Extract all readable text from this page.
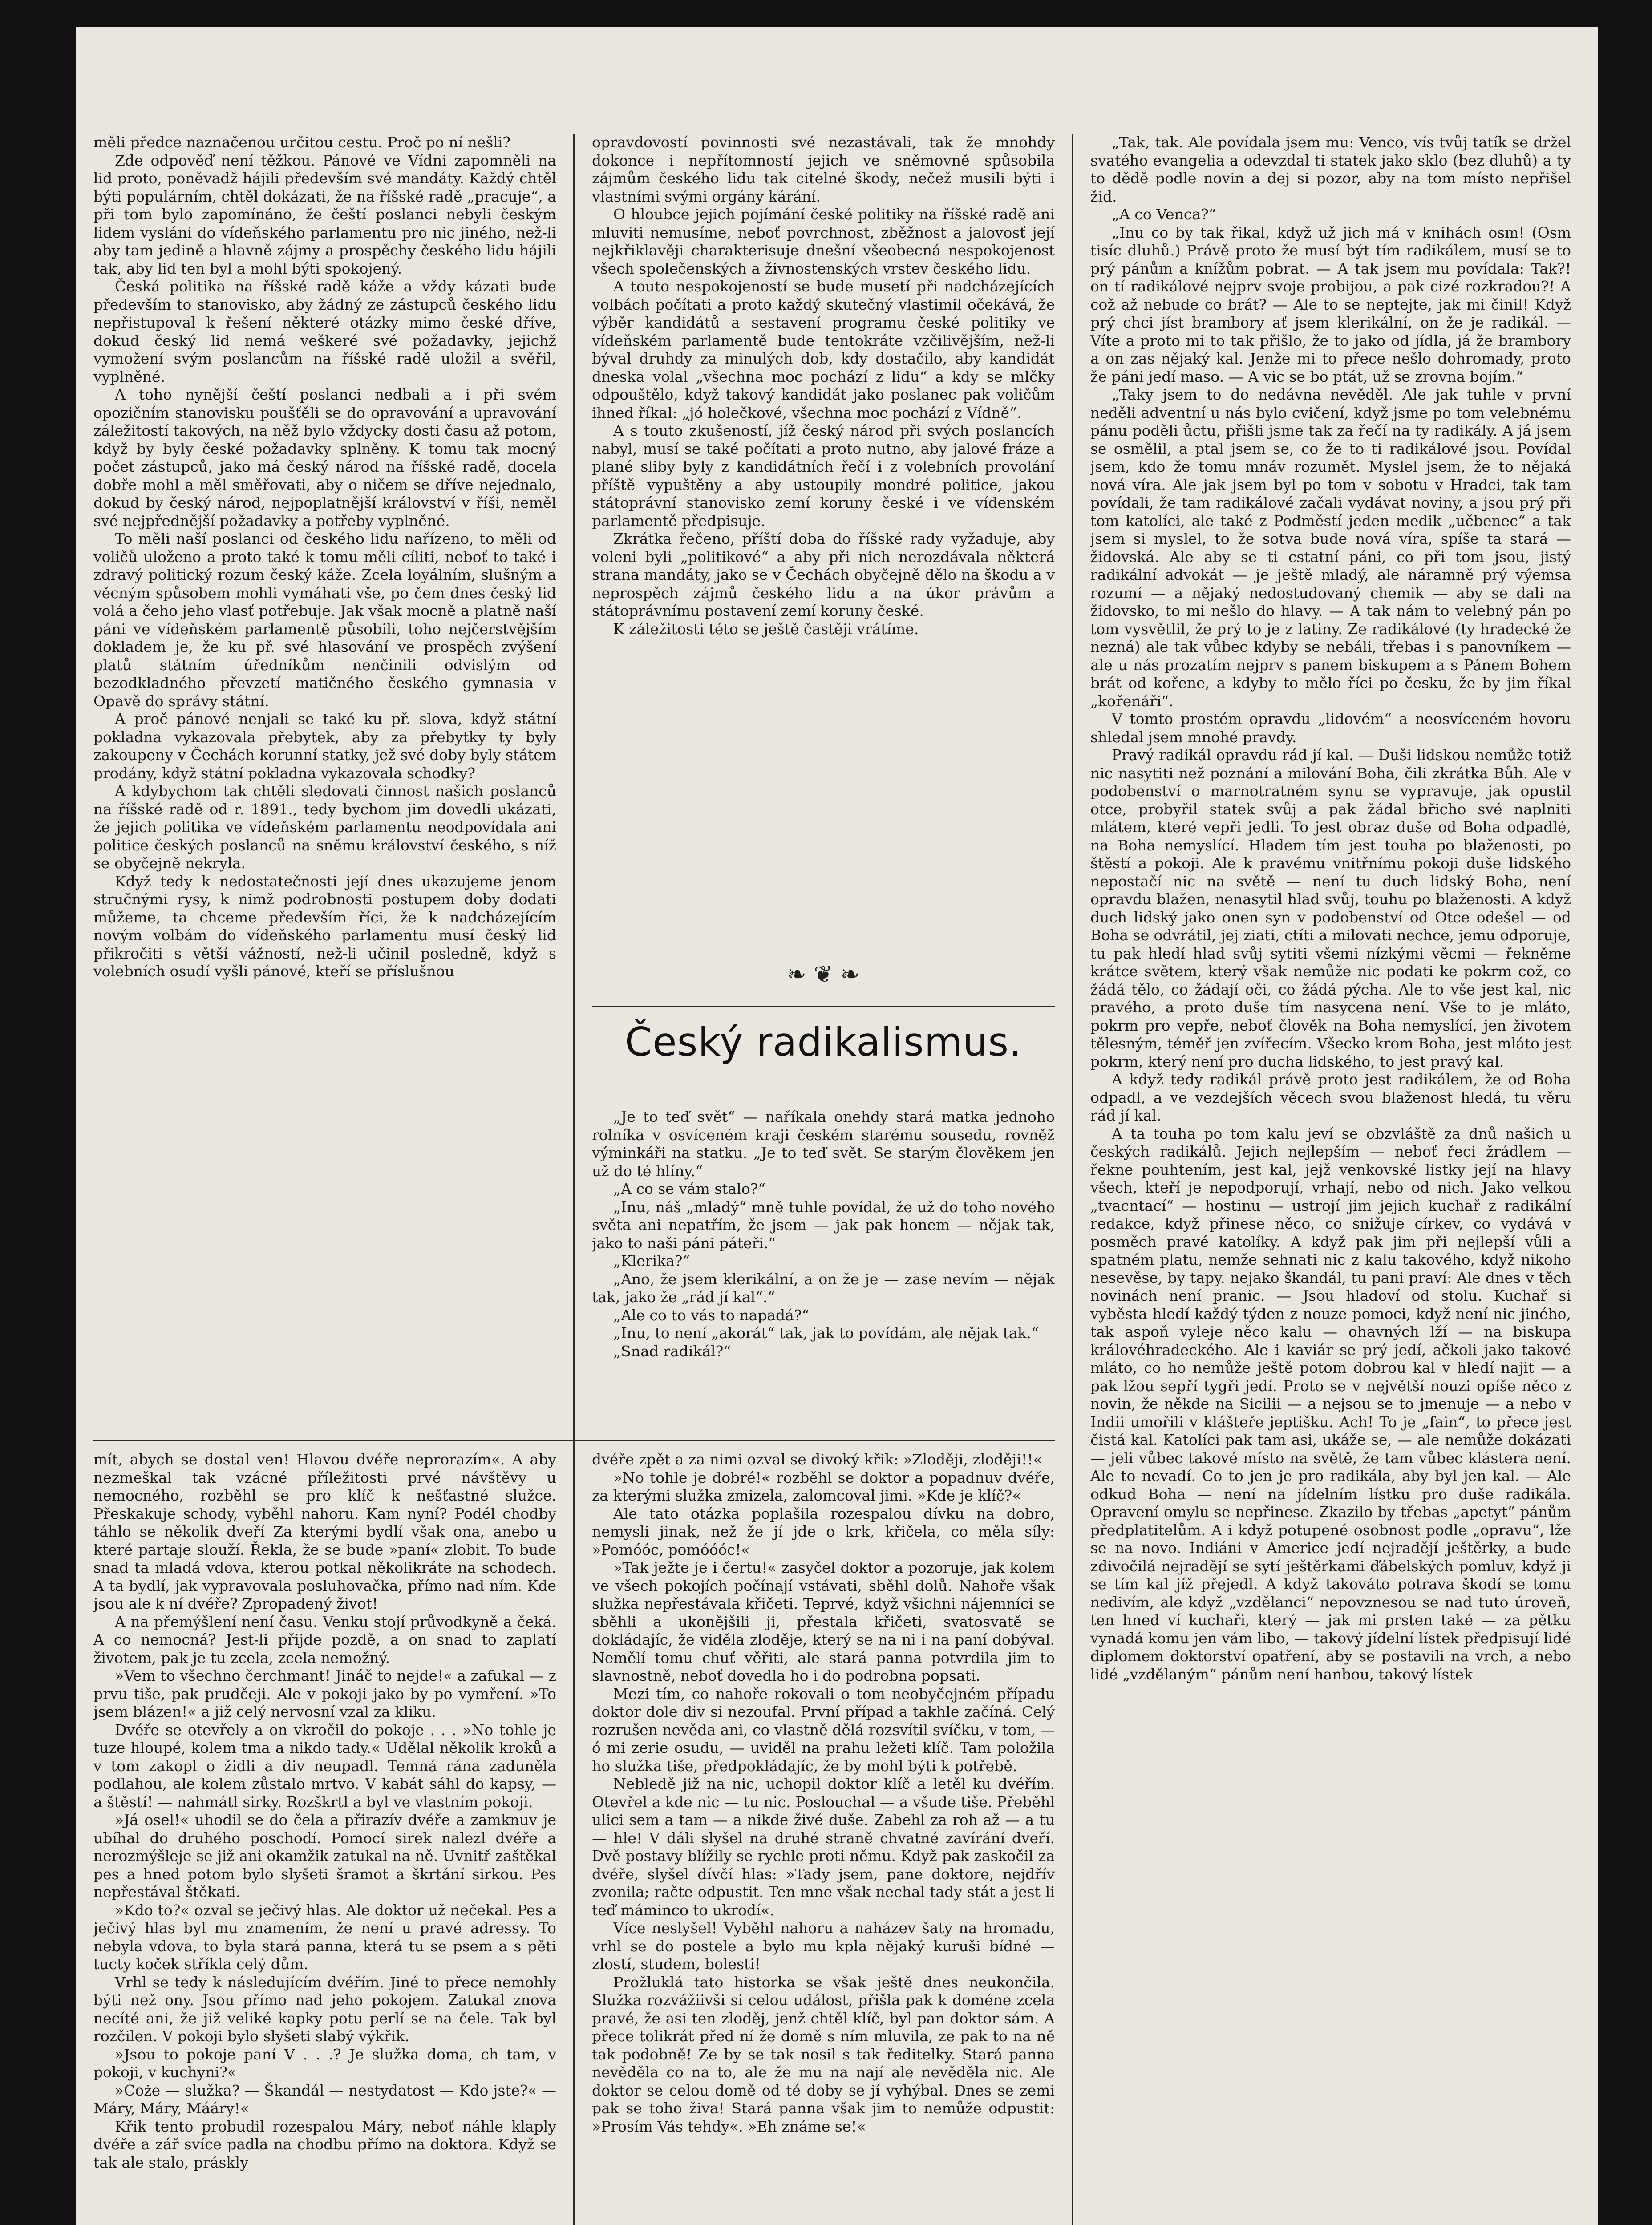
měli předce naznačenou určitou cestu. Proč po ní nešli?

Zde odpověď není těžkou. Pánové ve Vídni zapomněli na lid proto, poněvadž hájili především své mandáty. Každý chtěl býti populárním, chtěl dokázati, že na říšské radě „pracuje“, a při tom bylo zapomínáno, že čeští poslanci nebyli českým lidem vysláni do vídeňského parlamentu pro nic jiného, než-li aby tam jedině a hlavně zájmy a prospěchy českého lidu hájili tak, aby lid ten byl a mohl býti spokojený.

Česká politika na říšské radě káže a vždy kázati bude především to stanovisko, aby žádný ze zástupců českého lidu nepřistupoval k řešení některé otázky mimo české dříve, dokud český lid nemá veškeré své požadavky, jejichž vymožení svým poslancům na říšské radě uložil a svěřil, vyplněné.

A toho nynější čeští poslanci nedbali a i při svém opozičním stanovisku poušťěli se do opravování a upravování záležitostí takových, na něž bylo vždycky dosti času až potom, když by byly české požadavky splněny. K tomu tak mocný počet zástupců, jako má český národ na říšské radě, docela dobře mohl a měl směřovati, aby o ničem se dříve nejednalo, dokud by český národ, nejpoplatnější království v říši, neměl své nejpřednější požadavky a potřeby vyplněné.

To měli naší poslanci od českého lidu nařízeno, to měli od voličů uloženo a proto také k tomu měli cíliti, neboť to také i zdravý politický rozum český káže. Zcela loyálním, slušným a věcným spůsobem mohli vymáhati vše, po čem dnes český lid volá a čeho jeho vlasť potřebuje. Jak však mocně a platně naší páni ve vídeňském parlamentě působili, toho nejčerstvějším dokladem je, že ku př. své hlasování ve prospěch zvýšení platů státním úředníkům nenčinili odvislým od bezodkladného převzetí matičného českého gymnasia v Opavě do správy státní.

A proč pánové nenjali se také ku př. slova, když státní pokladna vykazovala přebytek, aby za přebytky ty byly zakoupeny v Čechách korunní statky, jež své doby byly státem prodány, když státní pokladna vykazovala schodky?

A kdybychom tak chtěli sledovati činnost našich poslanců na říšské radě od r. 1891., tedy bychom jim dovedli ukázati, že jejich politika ve vídeňském parlamentu neodpovídala ani politice českých poslanců na sněmu království českého, s níž se obyčejně nekryla.

Když tedy k nedostatečnosti její dnes ukazujeme jenom stručnými rysy, k nimž podrobnosti postupem doby dodati můžeme, ta chceme především říci, že k nadcházejícím novým volbám do vídeňského parlamentu musí český lid přikročiti s větší vážností, než-li učinil posledně, když s volebních osudí vyšli pánové, kteří se příslušnou

opravdovostí povinnosti své nezastávali, tak že mnohdy dokonce i nepřítomností jejich ve sněmovně spůsobila zájmům českého lidu tak citelné škody, nečež musili býti i vlastními svými orgány kárání.

O hloubce jejich pojímání české politiky na říšské radě ani mluviti nemusíme, neboť povrchnost, zběžnost a jalovosť její nejkřiklavěji charakterisuje dnešní všeobecná nespokojenost všech společenských a živnostenských vrstev českého lidu.

A touto nespokojeností se bude musetí při nadcházejících volbách počítati a proto každý skutečný vlastimil očekává, že výběr kandidátů a sestavení programu české politiky ve vídeňském parlamentě bude tentokráte vzčilivějším, než-li býval druhdy za minulých dob, kdy dostačilo, aby kandidát dneska volal „všechna moc pochází z lidu“ a kdy se mlčky odpouštělo, když takový kandidát jako poslanec pak voličům ihned říkal: „jó holečkové, všechna moc pochází z Vídně“.

A s touto zkušeností, jíž český národ při svých poslancích nabyl, musí se také počítati a proto nutno, aby jalové fráze a plané sliby byly z kandidátních řečí i z volebních provolání příště vypuštěny a aby ustoupily mondré politice, jakou státoprávní stanovisko zemí koruny české i ve vídenském parlamentě předpisuje.

Zkrátka řečeno, příští doba do říšské rady vyžaduje, aby voleni byli „politikové“ a aby při nich nerozdávala některá strana mandáty, jako se v Čechách obyčejně dělo na škodu a v neprospěch zájmů českého lidu a na úkor právům a státoprávnímu postavení zemí koruny české.

K záležitosti této se ještě častěji vrátíme.

❧ ❦ ❧
Český radikalismus.

„Je to teď svět“ — naříkala onehdy stará matka jednoho rolníka v osvíceném kraji českém starému sousedu, rovněž výminkáři na statku. „Je to teď svět. Se starým člověkem jen už do té hlíny.“

„A co se vám stalo?“

„Inu, náš „mladý“ mně tuhle povídal, že už do toho nového světa ani nepatřím, že jsem — jak pak honem — nějak tak, jako to naši páni páteři.“

„Klerika?“

„Ano, že jsem klerikální, a on že je — zase nevím — nějak tak, jako že „rád jí kal“.“

„Ale co to vás to napadá?“

„Inu, to není „akorát“ tak, jak to povídám, ale nějak tak.“

„Snad radikál?“

„Tak, tak. Ale povídala jsem mu: Venco, vís tvůj tatík se držel svatého evangelia a odevzdal ti statek jako sklo (bez dluhů) a ty to dědě podle novin a dej si pozor, aby na tom místo nepřišel žid.

„A co Venca?“

„Inu co by tak řikal, když už jich má v knihách osm! (Osm tisíc dluhů.) Právě proto že musí být tím radikálem, musí se to prý pánům a knížům pobrat. — A tak jsem mu povídala: Tak?! on tí radikálové nejprv svoje probijou, a pak cizé rozkradou?! A což až nebude co brát? — Ale to se neptejte, jak mi činil! Když prý chci jíst brambory ať jsem klerikální, on že je radikál. — Víte a proto mi to tak přišlo, že to jako od jídla, já že brambory a on zas nějaký kal. Jenže mi to přece nešlo dohromady, proto že páni jedí maso. — A vic se bo ptát, už se zrovna bojím.“

„Taky jsem to do nedávna nevěděl. Ale jak tuhle v první neděli adventní u nás bylo cvičení, když jsme po tom velebnému pánu poděli ůctu, přišli jsme tak za řečí na ty radikály. A já jsem se osmělil, a ptal jsem se, co že to ti radikálové jsou. Povídal jsem, kdo že tomu mnáv rozumět. Myslel jsem, že to nějaká nová víra. Ale jak jsem byl po tom v sobotu v Hradci, tak tam povídali, že tam radikálové začali vydávat noviny, a jsou prý při tom katolíci, ale také z Podměstí jeden medik „učbenec“ a tak jsem si myslel, to že sotva bude nová víra, spíše ta stará — židovská. Ale aby se ti cstatní páni, co při tom jsou, jistý radikální advokát — je ještě mladý, ale náramně prý výemsa rozumí — a nějaký nedostudovaný chemik — aby se dali na židovsko, to mi nešlo do hlavy. — A tak nám to velebný pán po tom vysvětlil, že prý to je z latiny. Ze radikálové (ty hradecké že nezná) ale tak vůbec kdyby se nebáli, třebas i s panovníkem — ale u nás prozatím nejprv s panem biskupem a s Pánem Bohem brát od kořene, a kdyby to mělo říci po česku, že by jim říkal „kořenáři“.

V tomto prostém opravdu „lidovém“ a neosvíceném hovoru shledal jsem mnohé pravdy.

Pravý radikál opravdu rád jí kal. — Duši lidskou nemůže totiž nic nasytiti než poznání a milování Boha, čili zkrátka Bůh. Ale v podobenství o marnotratném synu se vypravuje, jak opustil otce, probyřil statek svůj a pak žádal břicho své naplniti mlátem, které vepři jedli. To jest obraz duše od Boha odpadlé, na Boha nemyslící. Hladem tím jest touha po blaženosti, po štěstí a pokoji. Ale k pravému vnitřnímu pokoji duše lidského nepostačí nic na světě — není tu duch lidský Boha, není opravdu blažen, nenasytil hlad svůj, touhu po blaženosti. A když duch lidský jako onen syn v podobenství od Otce odešel — od Boha se odvrátil, jej ziati, ctíti a milovati nechce, jemu odporuje, tu pak hledí hlad svůj sytiti všemi nízkými věcmi — řekněme krátce světem, který však nemůže nic podati ke pokrm což, co žádá tělo, co žádají oči, co žádá pýcha. Ale to vše jest kal, nic pravého, a proto duše tím nasycena není. Vše to je mláto, pokrm pro vepře, neboť člověk na Boha nemyslící, jen životem tělesným, téměř jen zvířecím. Všecko krom Boha, jest mláto jest pokrm, který není pro ducha lidského, to jest pravý kal.

A když tedy radikál právě proto jest radikálem, že od Boha odpadl, a ve vezdejších věcech svou blaženost hledá, tu věru rád jí kal.

A ta touha po tom kalu jeví se obzvláště za dnů našich u českých radikálů. Jejich nejlepším — neboť řeci žrádlem — řekne pouhtením, jest kal, jejž venkovské listky její na hlavy všech, kteří je nepodporují, vrhají, nebo od nich. Jako velkou „tvacntací“ — hostinu — ustrojí jim jejich kuchař z radikální redakce, když přinese něco, co snižuje církev, co vydává v posměch pravé katolíky. A když pak jim při nejlepší vůli a spatném platu, nemže sehnati nic z kalu takového, když nikoho nesevěse, by tapy. nejako škandál, tu pani praví: Ale dnes v těch novinách není pranic. — Jsou hladoví od stolu. Kuchař si vyběsta hledí každý týden z nouze pomoci, když není nic jiného, tak aspoň vyleje něco kalu — ohavných lží — na biskupa královéhradeckého. Ale i kaviár se prý jedí, ačkoli jako takové mláto, co ho nemůže ještě potom dobrou kal v hledí najit — a pak lžou sepří tygři jedí. Proto se v největší nouzi opíše něco z novin, že někde na Sicilii — a nejsou se to jmenuje — a nebo v Indii umořili v klášteře jeptišku. Ach! To je „fain“, to přece jest čistá kal. Katolíci pak tam asi, ukáže se, — ale nemůže dokázati — jeli vůbec takové místo na světě, že tam vůbec klástera není. Ale to nevadí. Co to jen je pro radikála, aby byl jen kal. — Ale odkud Boha — není na jídelním lístku pro duše radikála. Opravení omylu se nepřinese. Zkazilo by třebas „apetyt“ pánům předplatitelům. A i když potupené osobnost podle „opravu“, lže se na novo. Indiáni v Americe jedí nejradějí ještěrky, a bude zdivočilá nejradějí se sytí ještěrkami ďábelských pomluv, když ji se tím kal jíž přejedl. A když takováto potrava škodí se tomu nedivím, ale když „vzdělanci“ nepovznesou se nad tuto úroveň, ten hned ví kuchaři, který — jak mi prsten také — za pětku vynadá komu jen vám libo, — takový jídelní lístek předpisují lidé diplomem doktorství opatření, aby se postavili na vrch, a nebo lidé „vzdělaným“ pánům není hanbou, takový lístek

mít, abych se dostal ven! Hlavou dvéře neprorazím«. A aby nezmeškal tak vzácné příležitosti prvé návštěvy u nemocného, rozběhl se pro klíč k nešťastné služce. Přeskakuje schody, vyběhl nahoru. Kam nyní? Podél chodby táhlo se několik dveří Za kterými bydlí však ona, anebo u které partaje slouží. Řekla, že se bude »paní« zlobit. To bude snad ta mladá vdova, kterou potkal několikráte na schodech. A ta bydlí, jak vypravovala posluhovačka, přímo nad ním. Kde jsou ale k ní dvéře? Zpropadený život!

A na přemýšlení není času. Venku stojí průvodkyně a čeká. A co nemocná? Jest-li přijde pozdě, a on snad to zaplatí životem, pak je tu zcela, zcela nemožný.

»Vem to všechno čerchmant! Jináč to nejde!« a zafukal — z prvu tiše, pak prudčeji. Ale v pokoji jako by po vymření. »To jsem blázen!« a již celý nervosní vzal za kliku.

Dvéře se otevřely a on vkročil do pokoje . . . »No tohle je tuze hloupé, kolem tma a nikdo tady.« Udělal několik kroků a v tom zakopl o židli a div neupadl. Temná rána zaduněla podlahou, ale kolem zůstalo mrtvo. V kabát sáhl do kapsy, — a štěstí! — nahmátl sirky. Rozškrtl a byl ve vlastním pokoji.

»Já osel!« uhodil se do čela a přirazív dvéře a zamknuv je ubíhal do druhého poschodí. Pomocí sirek nalezl dvéře a nerozmýšleje se již ani okamžik zatukal na ně. Uvnitř zaštěkal pes a hned potom bylo slyšeti šramot a škrtání sirkou. Pes nepřestával štěkati.

»Kdo to?« ozval se ječivý hlas. Ale doktor už nečekal. Pes a ječivý hlas byl mu znamením, že není u pravé adressy. To nebyla vdova, to byla stará panna, která tu se psem a s pěti tucty koček stříkla celý dům.

Vrhl se tedy k následujícím dvéřím. Jiné to přece nemohly býti než ony. Jsou přímo nad jeho pokojem. Zatukal znova necíté ani, že již veliké kapky potu perlí se na čele. Tak byl rozčilen. V pokoji bylo slyšeti slabý výkřik.

»Jsou to pokoje paní V . . .? Je služka doma, ch tam, v pokoji, v kuchyni?«

»Coże — služka? — Škandál — nestydatost — Kdo jste?« — Máry, Máry, Mááry!«

Křik tento probudil rozespalou Máry, neboť náhle klaply dvéře a zář svíce padla na chodbu přímo na doktora. Když se tak ale stalo, prásklу

dvéře zpět a za nimi ozval se divoký křik: »Zloději, zloději!!«

»No tohle je dobré!« rozběhl se doktor a popadnuv dvéře, za kterými služka zmizela, zalomcoval jimi. »Kde je klíč?«

Ale tato otázka poplašila rozespalou dívku na dobro, nemysli jinak, než že jí jde o krk, křičela, co měla síly: »Pomóóc, pomóóóc!«

»Tak ježte je i čertu!« zasyčel doktor a pozoruje, jak kolem ve všech pokojích počínají vstávati, sběhl dolů. Nahoře však služka nepřestávala křičeti. Teprvé, když všichni nájemníci se sběhli a ukonějšili ji, přestala křičeti, svatosvatě se dokládajíc, že viděla zloděje, který se na ni i na paní dobýval. Nemělí tomu chuť věřiti, ale stará panna potvrdila jim to slavnostně, neboť dovedla ho i do podrobna popsati.

Mezi tím, co nahoře rokovali o tom neobyčejném případu doktor dole div si nezoufal. První případ a takhle začíná. Celý rozrušen nevěda ani, co vlastně dělá rozsvítil svíčku, v tom, — ó mi zerie osudu, — uviděl na prahu ležeti klíč. Tam položila ho služka tiše, předpokládajíc, že by mohl býti k potřebě.

Nebledě již na nic, uchopil doktor klíč a letěl ku dvéřím. Otevřel a kde nic — tu nic. Poslouchal — a všude tiše. Přeběhl ulici sem a tam — a nikde živé duše. Zabehl za roh až — a tu — hle! V dáli slyšel na druhé straně chvatné zavírání dveří. Dvě postavy blížily se rychle proti němu. Když pak zaskočil za dvéře, slyšel dívčí hlas: »Tady jsem, pane doktore, nejdřív zvonila; račte odpustit. Ten mne však nechal tady stát a jest li teď máminco to ukrodí«.

Více neslyšel! Vyběhl nahoru a naházev šaty na hromadu, vrhl se do postele a bylo mu kpla nějaký kuruši bídné — zlostí, studem, bolesti!

Prožluklá tato historka se však ještě dnes neukončila. Služka rozvážiivši si celou událost, přišla pak k doméne zcela pravé, že asi ten zloděj, jenž chtěl klíč, byl pan doktor sám. A přece tolikrát před ní že domě s ním mluvila, ze pak to na ně tak podobně! Ze by se tak nosil s tak ředitelky. Stará panna nevěděla co na to, ale že mu na nají ale nevěděla nic. Ale doktor se celou domě od té doby se jí vyhýbal. Dnes se zemi pak se toho živa! Stará panna však jim to nemůže odpustit: »Prosím Vás tehdy«. »Eh známe se!«
